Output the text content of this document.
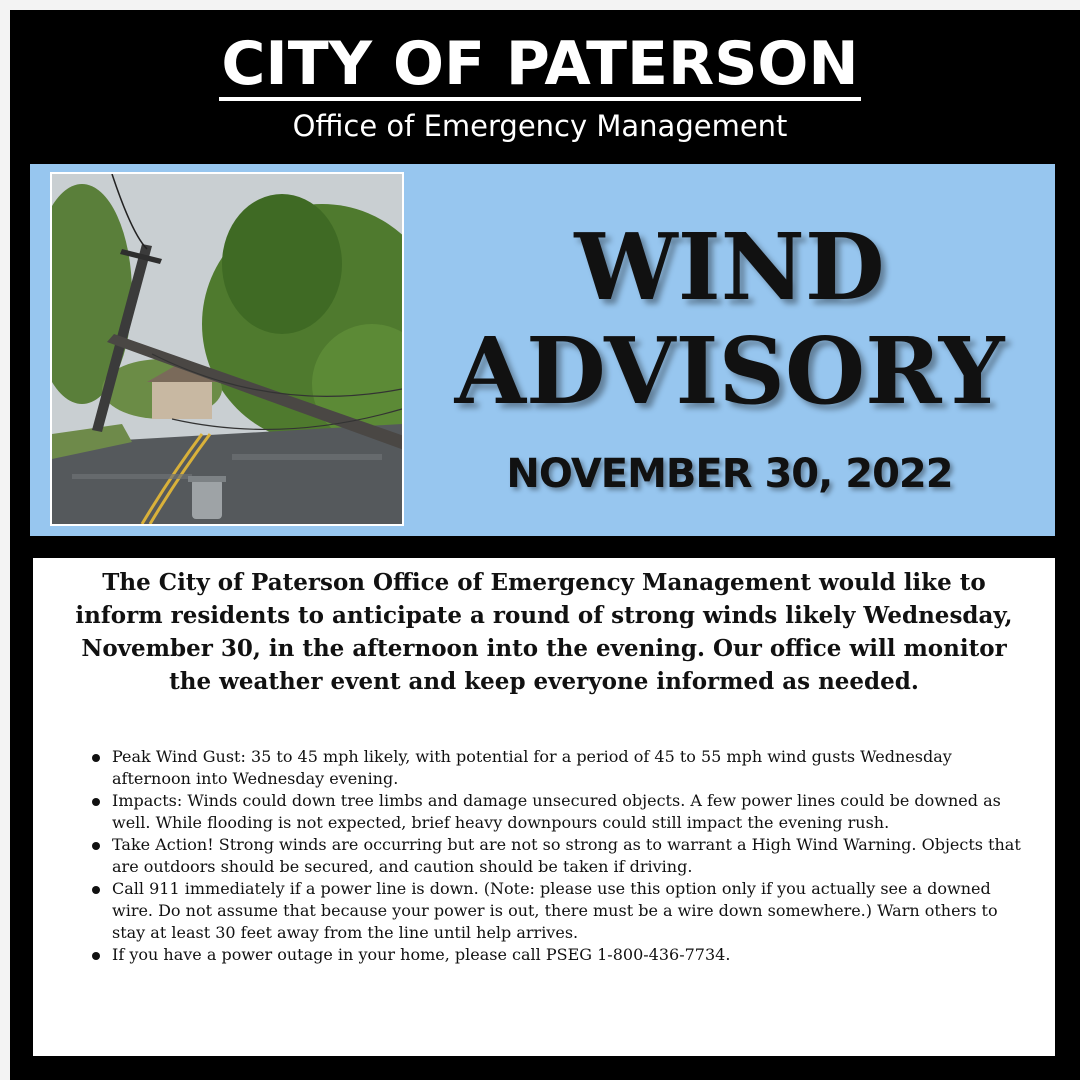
CITY OF PATERSON
Office of Emergency Management
WIND
ADVISORY
NOVEMBER 30, 2022
The City of Paterson Office of Emergency Management would like to inform residents to anticipate a round of strong winds likely Wednesday, November 30, in the afternoon into the evening. Our office will monitor the weather event and keep everyone informed as needed.
Peak Wind Gust: 35 to 45 mph likely, with potential for a period of 45 to 55 mph wind gusts Wednesday afternoon into Wednesday evening.
Impacts: Winds could down tree limbs and damage unsecured objects. A few power lines could be downed as well. While flooding is not expected, brief heavy downpours could still impact the evening rush.
Take Action! Strong winds are occurring but are not so strong as to warrant a High Wind Warning. Objects that are outdoors should be secured, and caution should be taken if driving.
Call 911 immediately if a power line is down. (Note: please use this option only if you actually see a downed wire. Do not assume that because your power is out, there must be a wire down somewhere.) Warn others to stay at least 30 feet away from the line until help arrives.
If you have a power outage in your home, please call PSEG 1-800-436-7734.
